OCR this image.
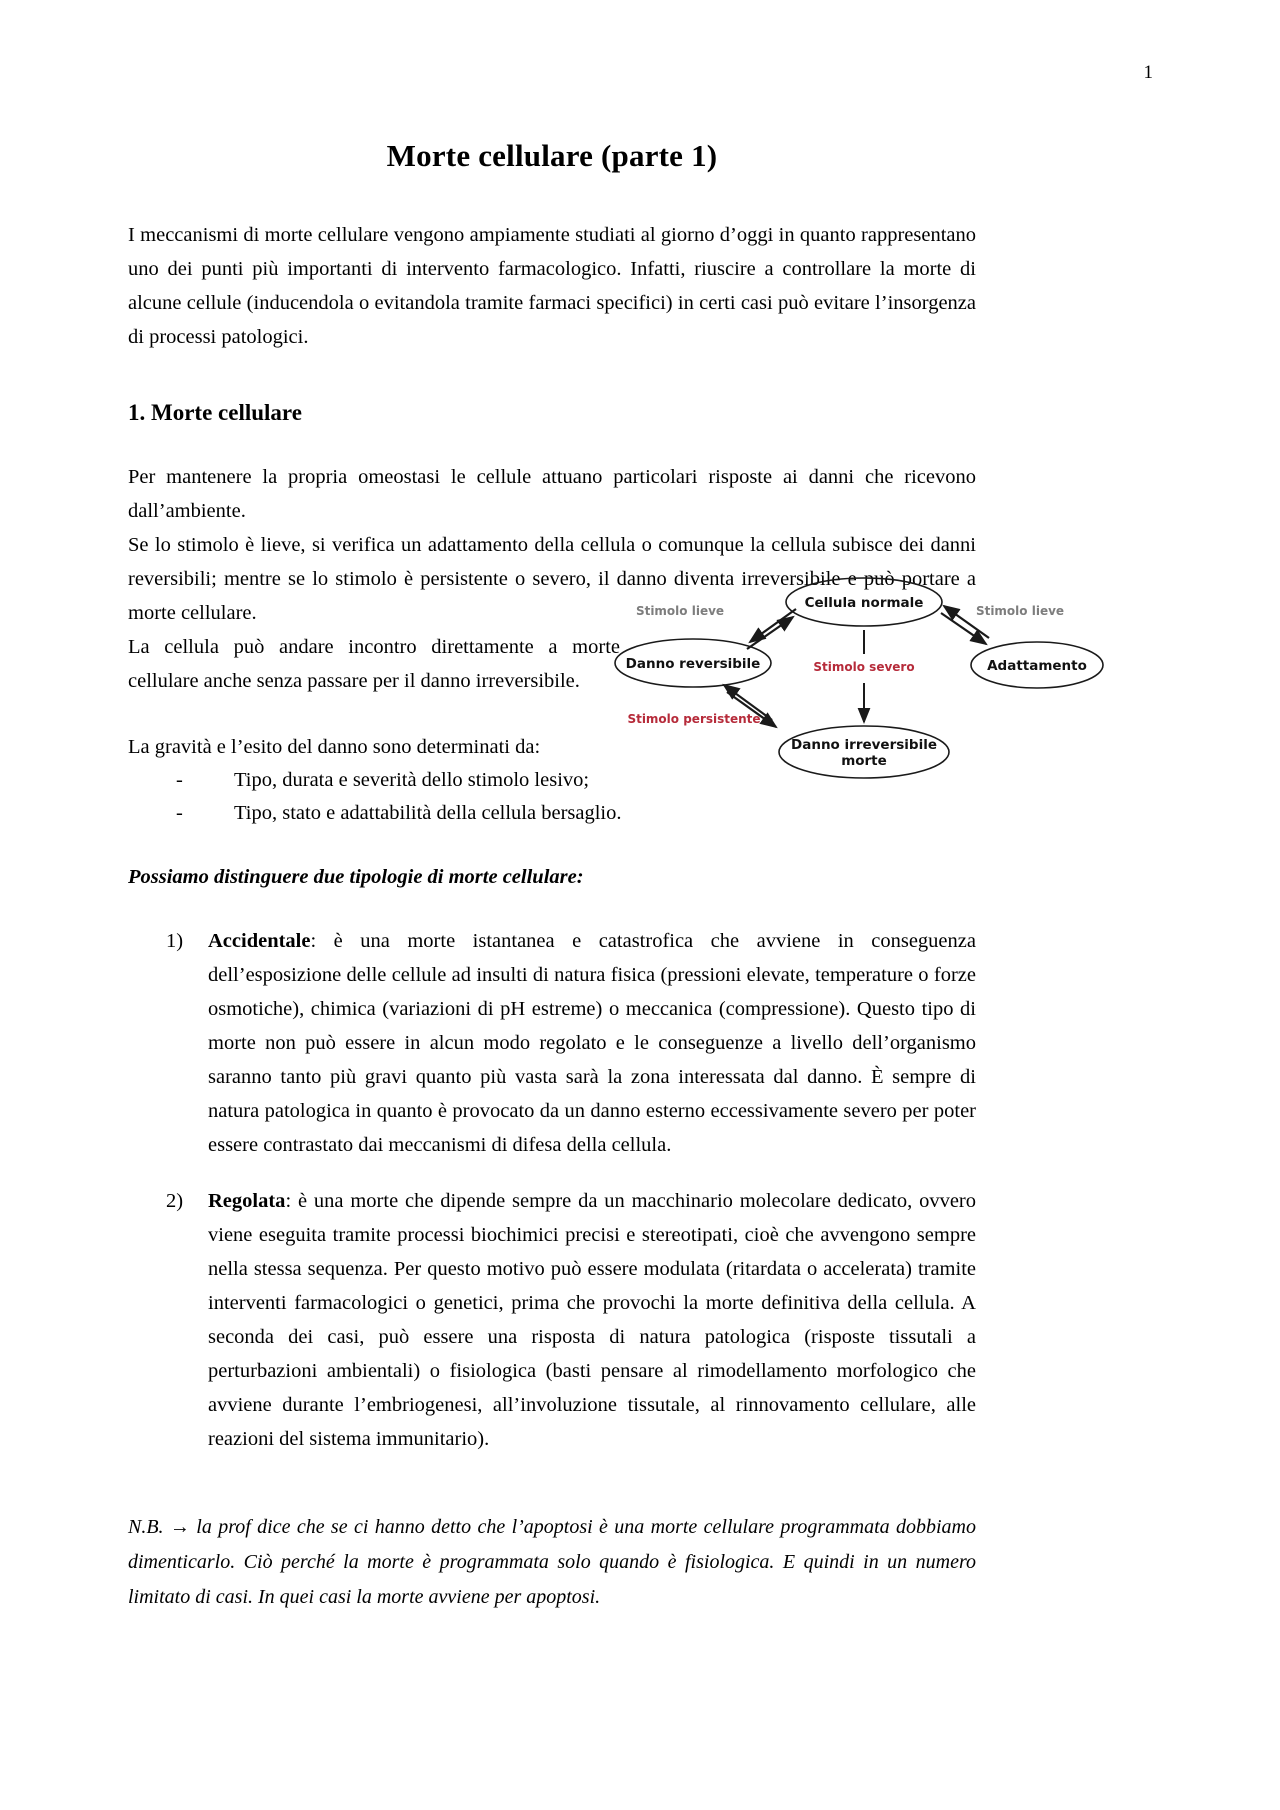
1
Morte cellulare (parte 1)

I meccanismi di morte cellulare vengono ampiamente studiati al giorno d’oggi in quanto rappresentano uno dei punti più importanti di intervento farmacologico. Infatti, riuscire a controllare la morte di alcune cellule (inducendola o evitandola tramite farmaci specifici) in certi casi può evitare l’insorgenza di processi patologici.

1. Morte cellulare

Per mantenere la propria omeostasi le cellule attuano particolari risposte ai danni che ricevono dall’ambiente.

Se lo stimolo è lieve, si verifica un adattamento della cellula o comunque la cellula subisce dei danni reversibili; mentre se lo stimolo è persistente o severo, il danno diventa irreversibile e può portare a morte cellulare.

La cellula può andare incontro direttamente a morte cellulare anche senza passare per il danno irreversibile.

La gravità e l’esito del danno sono determinati da:

- Tipo, durata e severità dello stimolo lesivo;
- Tipo, stato e adattabilità della cellula bersaglio.
Possiamo distinguere due tipologie di morte cellulare:
1)	Accidentale: è una morte istantanea e catastrofica che avviene in conseguenza dell’esposizione delle cellule ad insulti di natura fisica (pressioni elevate, temperature o forze osmotiche), chimica (variazioni di pH estreme) o meccanica (compressione). Questo tipo di morte non può essere in alcun modo regolato e le conseguenze a livello dell’organismo saranno tanto più gravi quanto più vasta sarà la zona interessata dal danno. È sempre di natura patologica in quanto è provocato da un danno esterno eccessivamente severo per poter essere contrastato dai meccanismi di difesa della cellula.
2)	Regolata: è una morte che dipende sempre da un macchinario molecolare dedicato, ovvero viene eseguita tramite processi biochimici precisi e stereotipati, cioè che avvengono sempre nella stessa sequenza. Per questo motivo può essere modulata (ritardata o accelerata) tramite interventi farmacologici o genetici, prima che provochi la morte definitiva della cellula. A seconda dei casi, può essere una risposta di natura patologica (risposte tissutali a perturbazioni ambientali) o fisiologica (basti pensare al rimodellamento morfologico che avviene durante l’embriogenesi, all’involuzione tissutale, al rinnovamento cellulare, alle reazioni del sistema immunitario).

N.B. → la prof dice che se ci hanno detto che l’apoptosi è una morte cellulare programmata dobbiamo dimenticarlo. Ciò perché la morte è programmata solo quando è fisiologica. E quindi in un numero limitato di casi. In quei casi la morte avviene per apoptosi.

Cellula normale
Danno reversibile	Adattamento
Danno irreversibile
morte
Stimolo lieve	Stimolo lieve
Stimolo severo
Stimolo persistente
